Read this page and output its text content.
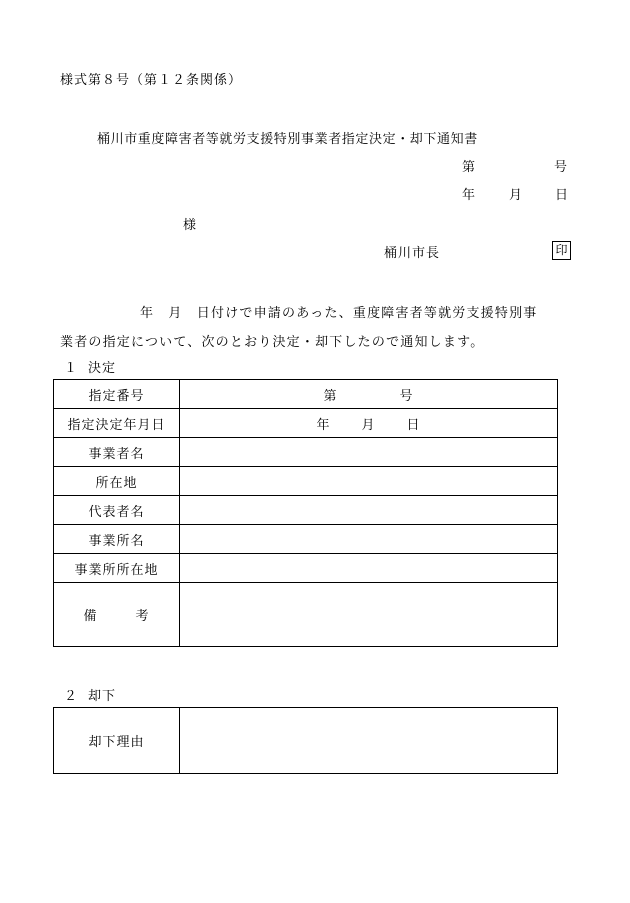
様式第８号（第１２条関係）
桶川市重度障害者等就労支援特別事業者指定決定・却下通知書
第	号
年	月 日
様
桶川市長	印
年　月　日付けで申請のあった、重度障害者等就労支援特別事
業者の指定について、次のとおり決定・却下したので通知します。
１ 決定
指定番号	第 号

指定決定年月日	年 月 日

事業者名	
所在地	
代表者名	
事業所名	
事業所所在地	

備 考	

２ 却下
却下理由	
